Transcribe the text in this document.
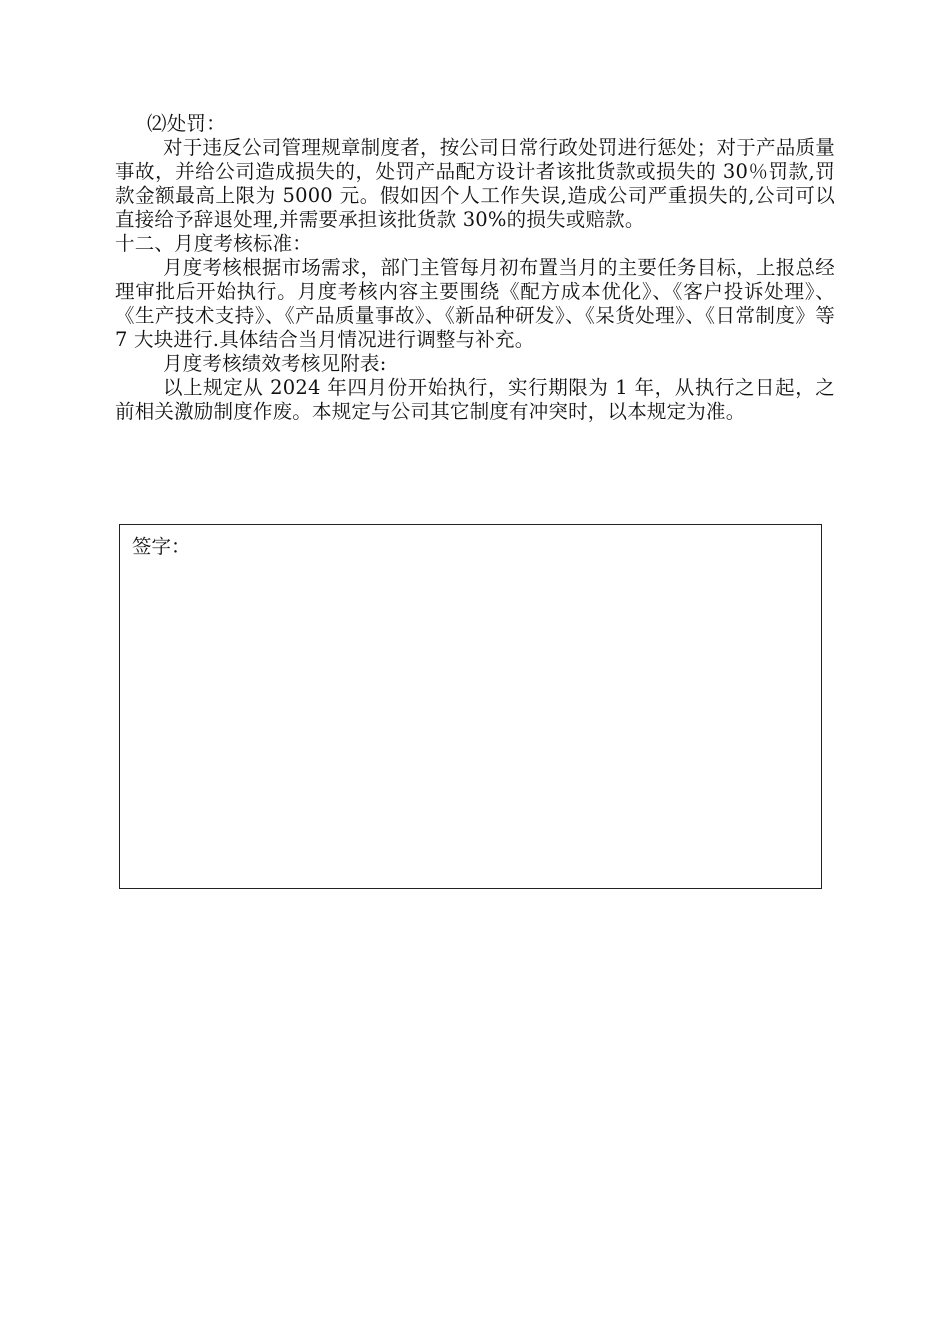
⑵处罚：

对于违反公司管理规章制度者，按公司日常行政处罚进行惩处；对于产品质量事故，并给公司造成损失的，处罚产品配方设计者该批货款或损失的 30％罚款,罚款金额最高上限为 5000 元。假如因个人工作失误,造成公司严重损失的,公司可以直接给予辞退处理,并需要承担该批货款 30%的损失或赔款。

十二、月度考核标准：

月度考核根据市场需求，部门主管每月初布置当月的主要任务目标，上报总经理审批后开始执行。月度考核内容主要围绕《配方成本优化》、《客户投诉处理》、《生产技术支持》、《产品质量事故》、《新品种研发》、《呆货处理》、《日常制度》等 7 大块进行.具体结合当月情况进行调整与补充。

月度考核绩效考核见附表:

以上规定从 2024 年四月份开始执行，实行期限为 1 年，从执行之日起，之前相关激励制度作废。本规定与公司其它制度有冲突时，以本规定为准。

签字：
